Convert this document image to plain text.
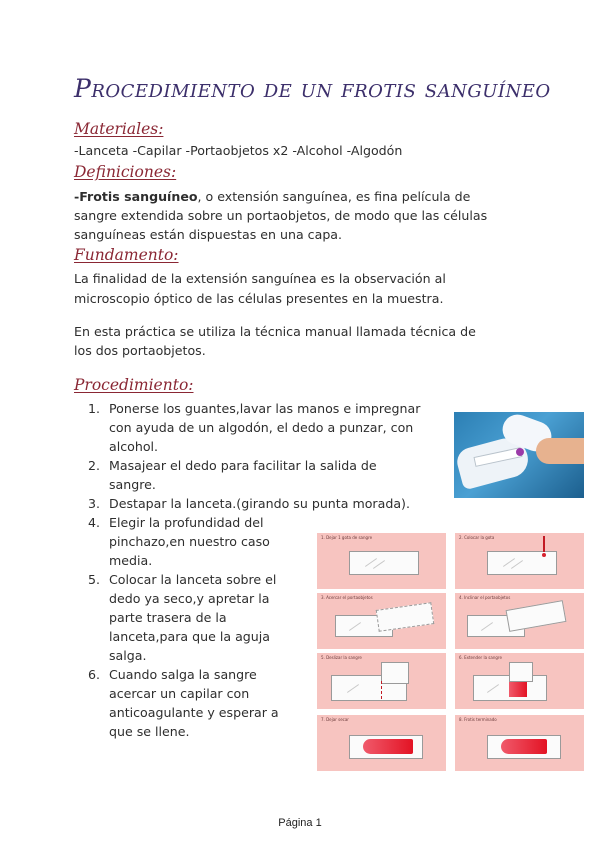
Procedimiento de un frotis sanguíneo
Materiales:
-Lanceta -Capilar -Portaobjetos x2 -Alcohol -Algodón
Definiciones:
-Frotis sanguíneo, o extensión sanguínea, es fina película de
sangre extendida sobre un portaobjetos, de modo que las células
sanguíneas están dispuestas en una capa.
Fundamento:
La finalidad de la extensión sanguínea es la observación al
microscopio óptico de las células presentes en la muestra.
En esta práctica se utiliza la técnica manual llamada técnica de
los dos portaobjetos.
Procedimiento:
1. Ponerse los guantes,lavar las manos e impregnar
con ayuda de un algodón, el dedo a punzar, con
alcohol.
2. Masajear el dedo para facilitar la salida de
sangre.
3. Destapar la lanceta.(girando su punta morada).
4. Elegir la profundidad del
pinchazo,en nuestro caso
media.
5. Colocar la lanceta sobre el
dedo ya seco,y apretar la
parte trasera de la
lanceta,para que la aguja
salga.
6. Cuando salga la sangre
acercar un capilar con
anticoagulante y esperar a
que se llene.
1. Dejar 1 gota de sangre	2. Colocar la gota
3. Acercar el portaobjetos	4. Inclinar el portaobjetos
5. Deslizar la sangre	6. Extender la sangre
7. Dejar secar	8. Frotis terminado
Página 1
